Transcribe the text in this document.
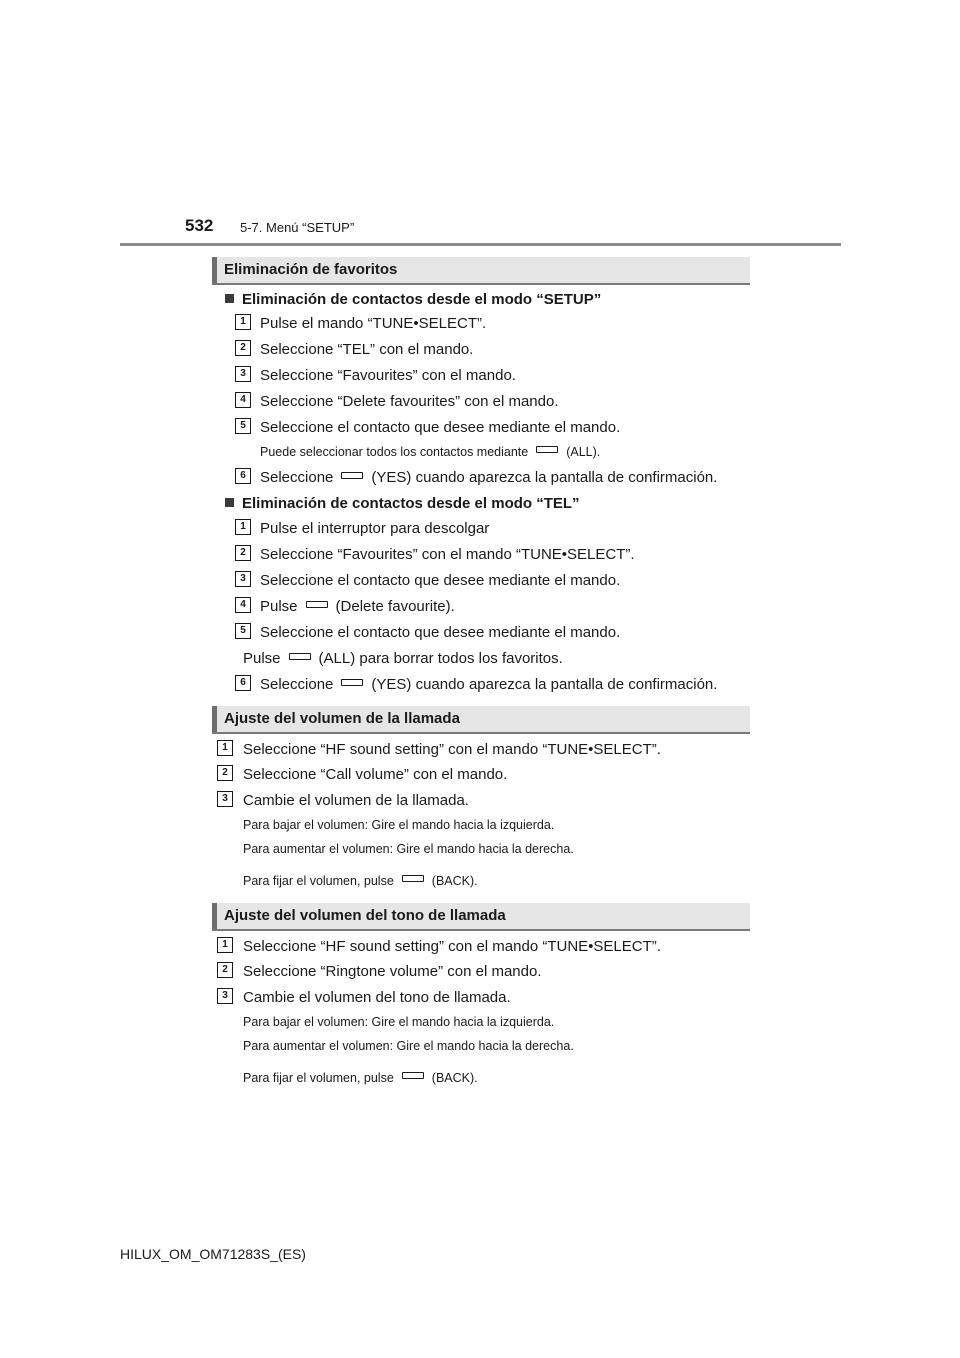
532 5-7. Menú “SETUP”
Eliminación de favoritos
Eliminación de contactos desde el modo “SETUP”
1 Pulse el mando “TUNE•SELECT”.
2 Seleccione “TEL” con el mando.
3 Seleccione “Favourites” con el mando.
4 Seleccione “Delete favourites” con el mando.
5 Seleccione el contacto que desee mediante el mando.
Puede seleccionar todos los contactos mediante	(ALL).
6 Seleccione	(YES) cuando aparezca la pantalla de confirmación.
Eliminación de contactos desde el modo “TEL”
1 Pulse el interruptor para descolgar
2 Seleccione “Favourites” con el mando “TUNE•SELECT”.
3 Seleccione el contacto que desee mediante el mando.
4 Pulse	(Delete favourite).
5 Seleccione el contacto que desee mediante el mando.
Pulse	(ALL) para borrar todos los favoritos.
6 Seleccione	(YES) cuando aparezca la pantalla de confirmación.
Ajuste del volumen de la llamada
1	Seleccione “HF sound setting” con el mando “TUNE•SELECT”.
2	Seleccione “Call volume” con el mando.
3	Cambie el volumen de la llamada.
Para bajar el volumen: Gire el mando hacia la izquierda.
Para aumentar el volumen: Gire el mando hacia la derecha.
Para fijar el volumen, pulse	(BACK).
Ajuste del volumen del tono de llamada
1	Seleccione “HF sound setting” con el mando “TUNE•SELECT”.
2	Seleccione “Ringtone volume” con el mando.
3	Cambie el volumen del tono de llamada.
Para bajar el volumen: Gire el mando hacia la izquierda.
Para aumentar el volumen: Gire el mando hacia la derecha.
Para fijar el volumen, pulse	(BACK).
HILUX_OM_OM71283S_(ES)
